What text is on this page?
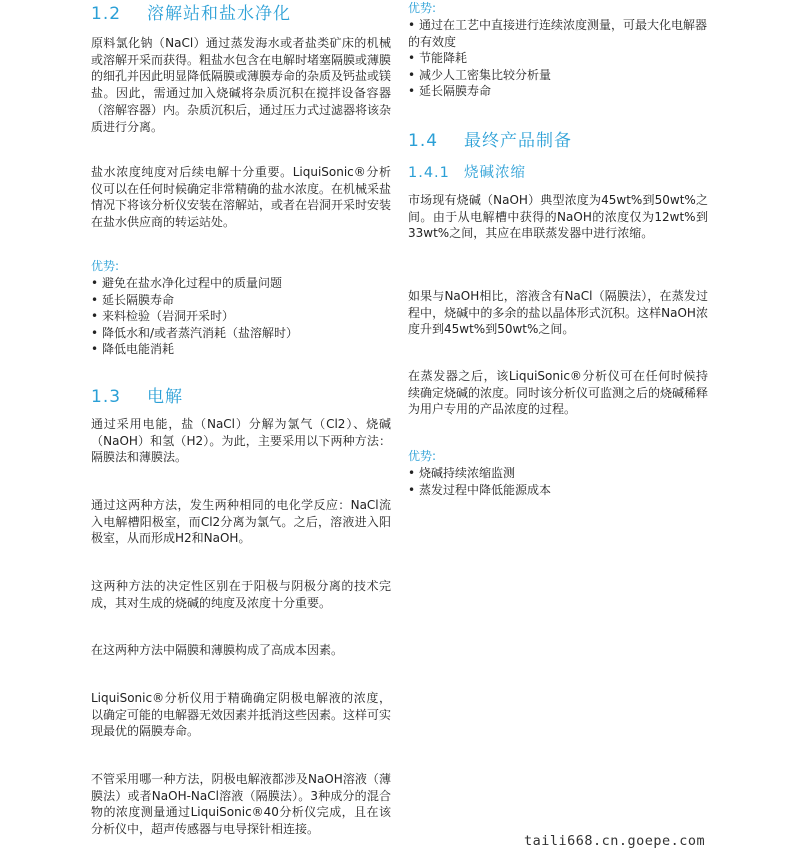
1.2 溶解站和盐水净化

原料氯化钠（NaCl）通过蒸发海水或者盐类矿床的机械或溶解开采而获得。粗盐水包含在电解时堵塞隔膜或薄膜的细孔并因此明显降低隔膜或薄膜寿命的杂质及钙盐或镁盐。因此，需通过加入烧碱将杂质沉积在搅拌设备容器（溶解容器）内。杂质沉积后，通过压力式过滤器将该杂质进行分离。

盐水浓度纯度对后续电解十分重要。LiquiSonic®分析仪可以在任何时候确定非常精确的盐水浓度。在机械采盐情况下将该分析仪安装在溶解站，或者在岩洞开采时安装在盐水供应商的转运站处。

优势:
• 避免在盐水净化过程中的质量问题
• 延长隔膜寿命
• 来料检验（岩洞开采时）
• 降低水和/或者蒸汽消耗（盐溶解时）
• 降低电能消耗
1.3 电解

通过采用电能，盐（NaCl）分解为氯气（Cl2）、烧碱（NaOH）和氢（H2）。为此，主要采用以下两种方法：隔膜法和薄膜法。

通过这两种方法，发生两种相同的电化学反应：NaCl流入电解槽阳极室，而Cl2分离为氯气。之后，溶液进入阳极室，从而形成H2和NaOH。

这两种方法的决定性区别在于阳极与阴极分离的技术完成，其对生成的烧碱的纯度及浓度十分重要。

在这两种方法中隔膜和薄膜构成了高成本因素。

LiquiSonic®分析仪用于精确确定阴极电解液的浓度，以确定可能的电解器无效因素并抵消这些因素。这样可实现最优的隔膜寿命。

不管采用哪一种方法，阴极电解液都涉及NaOH溶液（薄膜法）或者NaOH-NaCl溶液（隔膜法）。3种成分的混合物的浓度测量通过LiquiSonic®40分析仪完成，且在该分析仪中，超声传感器与电导探针相连接。

优势:
• 通过在工艺中直接进行连续浓度测量，可最大化电解器的有效度
• 节能降耗
• 减少人工密集比较分析量
• 延长隔膜寿命
1.4 最终产品制备
1.4.1 烧碱浓缩

市场现有烧碱（NaOH）典型浓度为45wt%到50wt%之间。由于从电解槽中获得的NaOH的浓度仅为12wt%到33wt%之间，其应在串联蒸发器中进行浓缩。

如果与NaOH相比，溶液含有NaCl（隔膜法），在蒸发过程中，烧碱中的多余的盐以晶体形式沉积。这样NaOH浓度升到45wt%到50wt%之间。

在蒸发器之后，该LiquiSonic®分析仪可在任何时候持续确定烧碱的浓度。同时该分析仪可监测之后的烧碱稀释为用户专用的产品浓度的过程。

优势:
• 烧碱持续浓缩监测
• 蒸发过程中降低能源成本
taili668.cn.goepe.com
